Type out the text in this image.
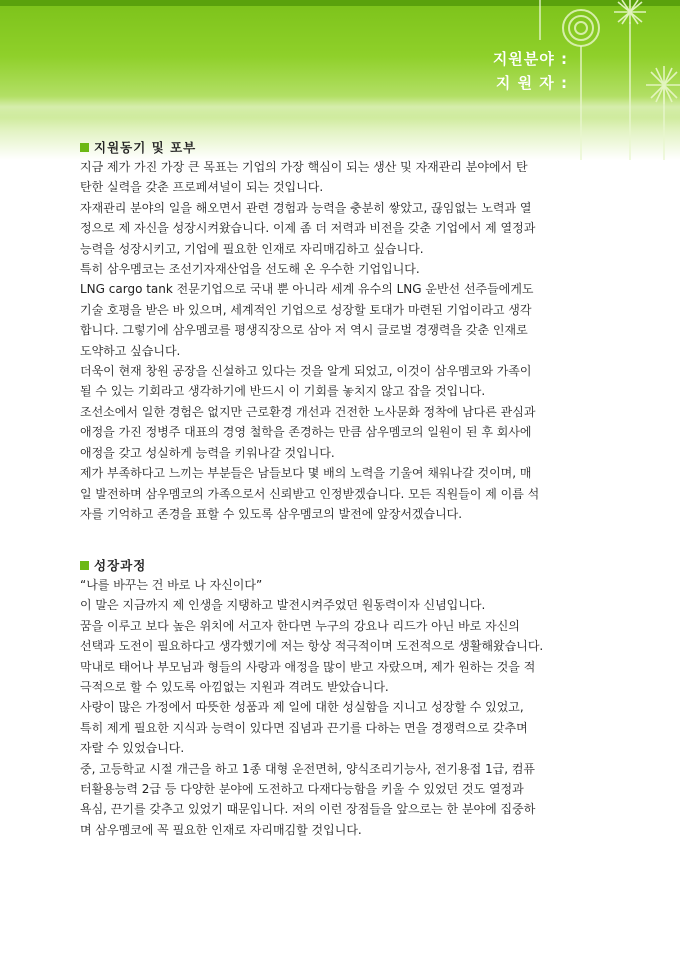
지원분야 :
지 원 자 :
지원동기 및 포부
지금 제가 가진 가장 큰 목표는 기업의 가장 핵심이 되는 생산 및 자재관리 분야에서 탄
탄한 실력을 갖춘 프로페셔널이 되는 것입니다.
자재관리 분야의 일을 해오면서 관련 경험과 능력을 충분히 쌓았고, 끊임없는 노력과 열
정으로 제 자신을 성장시켜왔습니다. 이제 좀 더 저력과 비전을 갖춘 기업에서 제 열정과
능력을 성장시키고, 기업에 필요한 인재로 자리매김하고 싶습니다.
특히 삼우멤코는 조선기자재산업을 선도해 온 우수한 기업입니다.
LNG cargo tank 전문기업으로 국내 뿐 아니라 세계 유수의 LNG 운반선 선주들에게도
기술 호평을 받은 바 있으며, 세계적인 기업으로 성장할 토대가 마련된 기업이라고 생각
합니다. 그렇기에 삼우멤코를 평생직장으로 삼아 저 역시 글로벌 경쟁력을 갖춘 인재로
도약하고 싶습니다.
더욱이 현재 창원 공장을 신설하고 있다는 것을 알게 되었고, 이것이 삼우멤코와 가족이
될 수 있는 기회라고 생각하기에 반드시 이 기회를 놓치지 않고 잡을 것입니다.
조선소에서 일한 경험은 없지만 근로환경 개선과 건전한 노사문화 정착에 남다른 관심과
애정을 가진 정병주 대표의 경영 철학을 존경하는 만큼 삼우멤코의 일원이 된 후 회사에
애정을 갖고 성실하게 능력을 키워나갈 것입니다.
제가 부족하다고 느끼는 부분들은 남들보다 몇 배의 노력을 기울여 채워나갈 것이며, 매
일 발전하며 삼우멤코의 가족으로서 신뢰받고 인정받겠습니다. 모든 직원들이 제 이름 석
자를 기억하고 존경을 표할 수 있도록 삼우멤코의 발전에 앞장서겠습니다.
성장과정
“나를 바꾸는 건 바로 나 자신이다”
이 말은 지금까지 제 인생을 지탱하고 발전시켜주었던 원동력이자 신념입니다.
꿈을 이루고 보다 높은 위치에 서고자 한다면 누구의 강요나 리드가 아닌 바로 자신의
선택과 도전이 필요하다고 생각했기에 저는 항상 적극적이며 도전적으로 생활해왔습니다.
막내로 태어나 부모님과 형들의 사랑과 애정을 많이 받고 자랐으며, 제가 원하는 것을 적
극적으로 할 수 있도록 아낌없는 지원과 격려도 받았습니다.
사랑이 많은 가정에서 따뜻한 성품과 제 일에 대한 성실함을 지니고 성장할 수 있었고,
특히 제게 필요한 지식과 능력이 있다면 집념과 끈기를 다하는 면을 경쟁력으로 갖추며
자랄 수 있었습니다.
중, 고등학교 시절 개근을 하고 1종 대형 운전면허, 양식조리기능사, 전기용접 1급, 컴퓨
터활용능력 2급 등 다양한 분야에 도전하고 다재다능함을 키울 수 있었던 것도 열정과
욕심, 끈기를 갖추고 있었기 때문입니다. 저의 이런 장점들을 앞으로는 한 분야에 집중하
며 삼우멤코에 꼭 필요한 인재로 자리매김할 것입니다.
